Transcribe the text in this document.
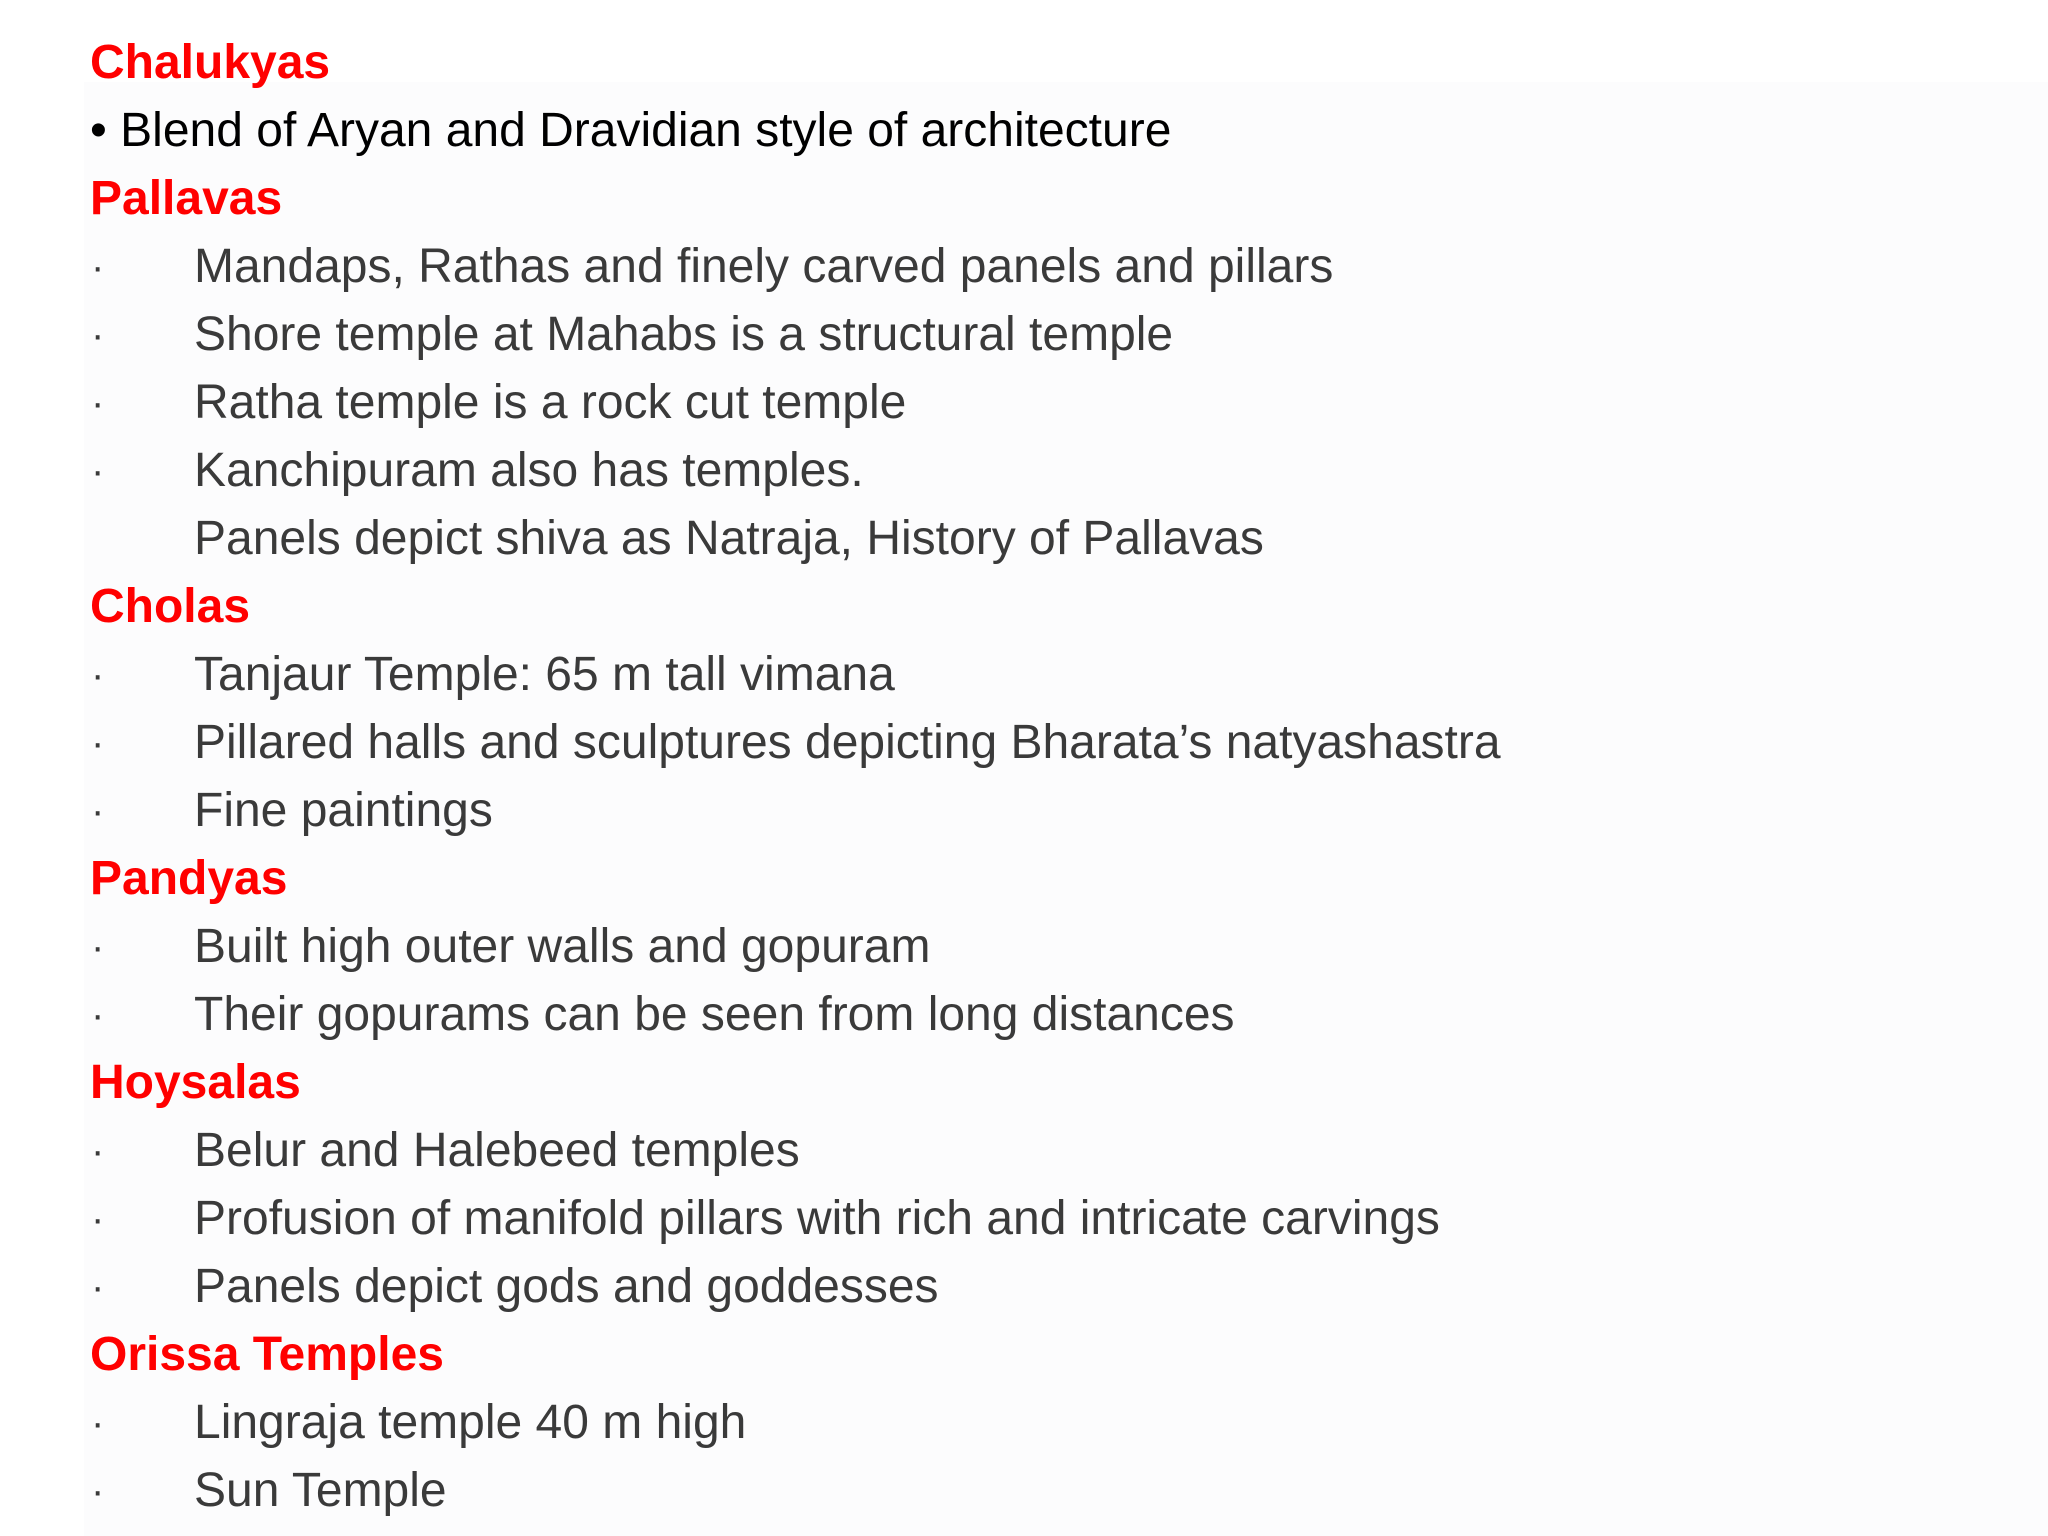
Chalukyas
• Blend of Aryan and Dravidian style of architecture
Pallavas
· Mandaps, Rathas and finely carved panels and pillars
· Shore temple at Mahabs is a structural temple
· Ratha temple is a rock cut temple
· Kanchipuram also has temples.
Panels depict shiva as Natraja, History of Pallavas
Cholas
· Tanjaur Temple: 65 m tall vimana
· Pillared halls and sculptures depicting Bharata’s natyashastra
· Fine paintings
Pandyas
· Built high outer walls and gopuram
· Their gopurams can be seen from long distances
Hoysalas
· Belur and Halebeed temples
· Profusion of manifold pillars with rich and intricate carvings
· Panels depict gods and goddesses
Orissa Temples
· Lingraja temple 40 m high
· Sun Temple
